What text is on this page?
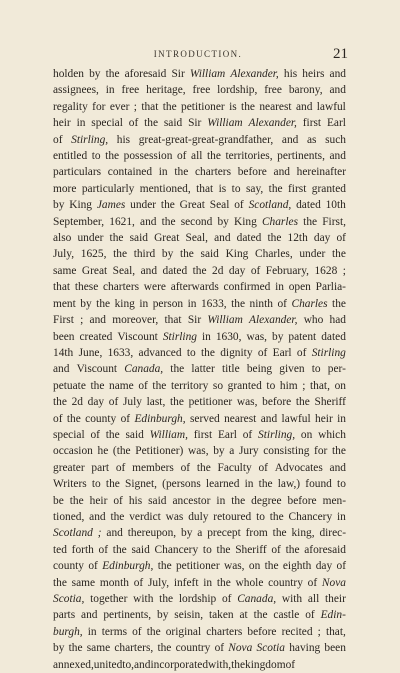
INTRODUCTION.	21
holden by the aforesaid Sir William Alexander, his heirs and
assignees, in free heritage, free lordship, free barony, and
regality for ever ; that the petitioner is the nearest and lawful
heir in special of the said Sir William Alexander, first Earl
of Stirling, his great-great-great-grandfather, and as such
entitled to the possession of all the territories, pertinents, and
particulars contained in the charters before and hereinafter
more particularly mentioned, that is to say, the first granted
by King James under the Great Seal of Scotland, dated 10th
September, 1621, and the second by King Charles the First,
also under the said Great Seal, and dated the 12th day of
July, 1625, the third by the said King Charles, under the
same Great Seal, and dated the 2d day of February, 1628 ;
that these charters were afterwards confirmed in open Parlia-
ment by the king in person in 1633, the ninth of Charles the
First ; and moreover, that Sir William Alexander, who had
been created Viscount Stirling in 1630, was, by patent dated
14th June, 1633, advanced to the dignity of Earl of Stirling
and Viscount Canada, the latter title being given to per-
petuate the name of the territory so granted to him ; that, on
the 2d day of July last, the petitioner was, before the Sheriff
of the county of Edinburgh, served nearest and lawful heir in
special of the said William, first Earl of Stirling, on which
occasion he (the Petitioner) was, by a Jury consisting for the
greater part of members of the Faculty of Advocates and
Writers to the Signet, (persons learned in the law,) found to
be the heir of his said ancestor in the degree before men-
tioned, and the verdict was duly retoured to the Chancery in
Scotland ; and thereupon, by a precept from the king, direc-
ted forth of the said Chancery to the Sheriff of the aforesaid
county of Edinburgh, the petitioner was, on the eighth day of
the same month of July, infeft in the whole country of Nova
Scotia, together with the lordship of Canada, with all their
parts and pertinents, by seisin, taken at the castle of Edin-
burgh, in terms of the original charters before recited ; that,
by the same charters, the country of Nova Scotia having been
annexed, united to, and incorporated with, the kingdom of
